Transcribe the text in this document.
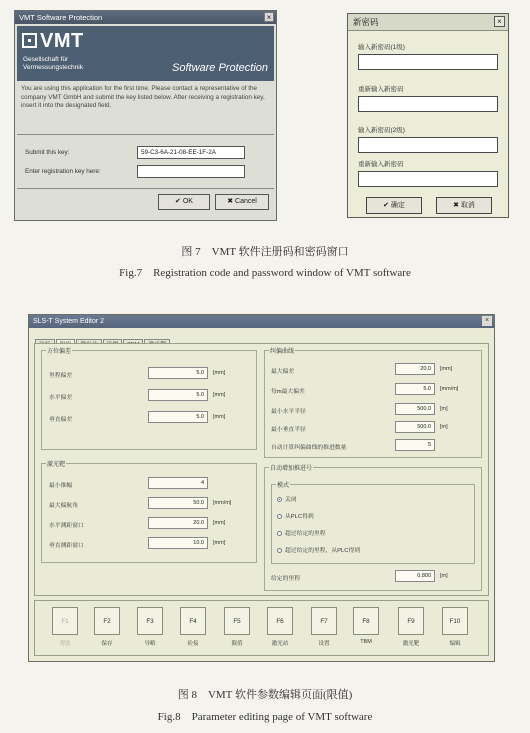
VMT Software Protection	×
VMT
Gesellschaft für
Vermessungstechnik	Software Protection
You are using this application for the first time. Please contact a representative of the company VMT GmbH and submit the key listed below. After receiving a registration key, insert it into the designated field.
Submit this key:	59-C3-6A-21-08-EE-1F-2A
Enter registration key here:
✔ OK	✖ Cancel
新密码	×
输入新密码(1级)
重新输入新密码
输入新密码(2级)
重新输入新密码
✔ 确定	✖ 取消
图 7　VMT 软件注册码和密码窗口
Fig.7　Registration code and password window of VMT software
SLS-T System Editor 2	×
方位偏差
里程偏差	5.0	[mm]
水平偏差	5.0	[mm]
垂直偏差	5.0	[mm]
激光靶
最小推幅	4
最大偏航角	50.0	[mm/m]
水平测距窗口	20.0	[mm]
垂直测距窗口	10.0	[mm]
纠偏曲线
最大偏差	20.0	[mm]
每m最大偏差	5.0	[mm/m]
最小水平半径	500.0	[m]
最小垂直半径	500.0	[m]
自动计算纠偏曲线的推进数量	5
自动增加推进号
模式
关闭
从PLC得到
超过给定的里程
超过给定的里程，从PLC得到
给定的里程	0.800	[m]
F1
帮助
F2
保存
F3
导略
F4
砼接
F5
限值
F6
激光站
F7
设置
F8
TBM
F9
激光靶
F10
编辑
图 8　VMT 软件参数编辑页面(限值)
Fig.8　Parameter editing page of VMT software
